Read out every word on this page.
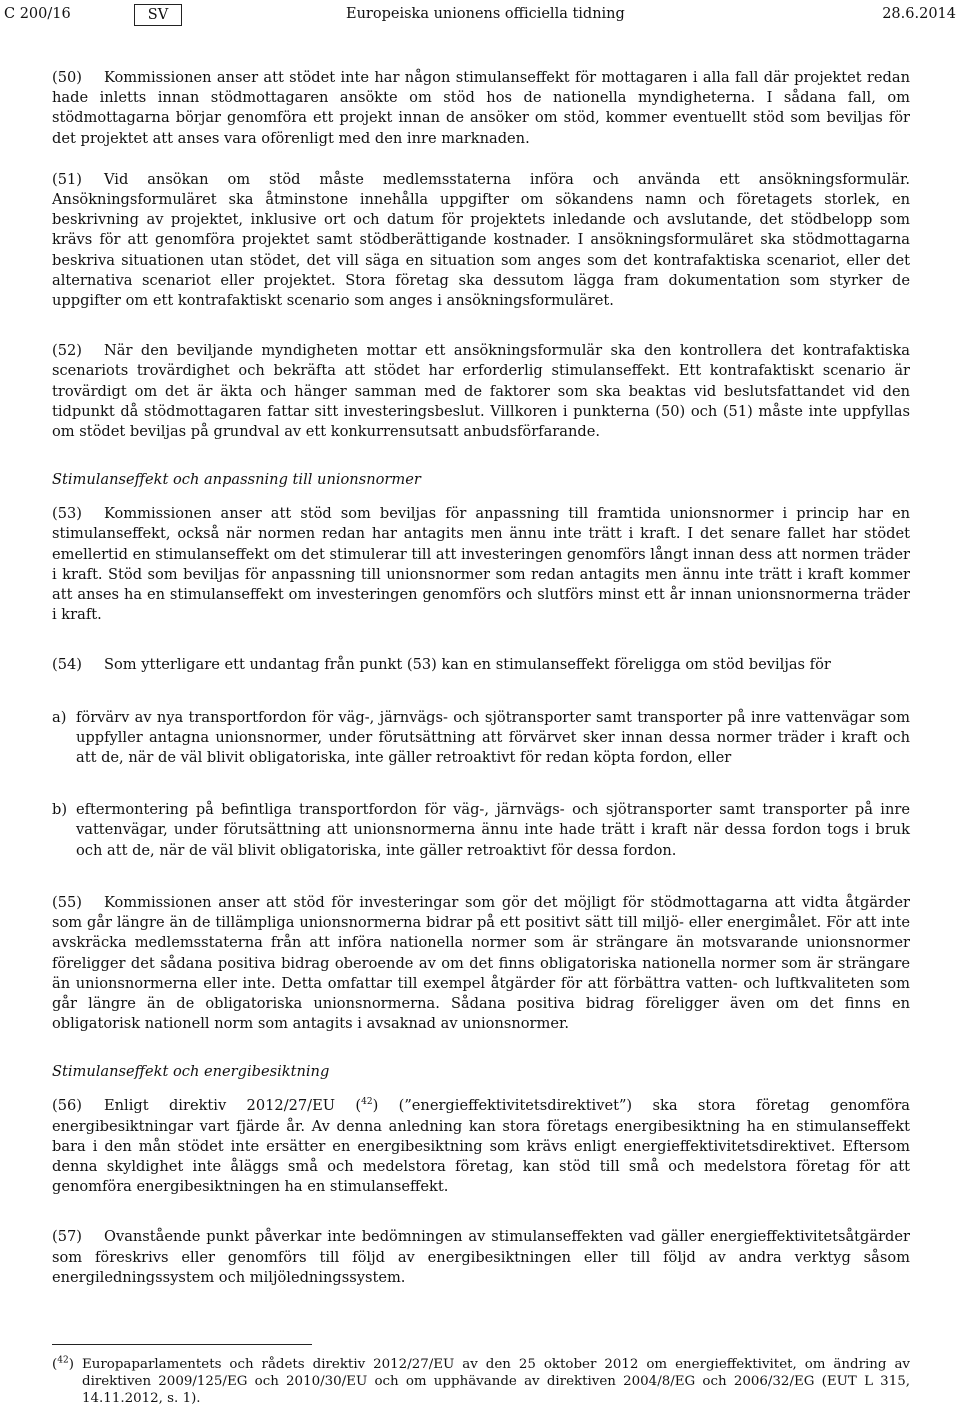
C 200/16	SV	Europeiska unionens officiella tidning	28.6.2014

(50) Kommissionen anser att stödet inte har någon stimulanseffekt för mottagaren i alla fall där projektet redan hade inletts innan stödmottagaren ansökte om stöd hos de nationella myndigheterna. I sådana fall, om stödmottagarna börjar genomföra ett projekt innan de ansöker om stöd, kommer eventuellt stöd som beviljas för det projektet att anses vara oförenligt med den inre marknaden.

(51) Vid ansökan om stöd måste medlemsstaterna införa och använda ett ansökningsformulär. Ansökningsformuläret ska åtminstone innehålla uppgifter om sökandens namn och företagets storlek, en beskrivning av projektet, inklusive ort och datum för projektets inledande och avslutande, det stödbelopp som krävs för att genomföra projektet samt stödberättigande kostnader. I ansökningsformuläret ska stödmottagarna beskriva situationen utan stödet, det vill säga en situation som anges som det kontrafaktiska scenariot, eller det alternativa scenariot eller projektet. Stora företag ska dessutom lägga fram dokumentation som styrker de uppgifter om ett kontrafaktiskt scenario som anges i ansökningsformuläret.

(52) När den beviljande myndigheten mottar ett ansökningsformulär ska den kontrollera det kontrafaktiska scenariots trovärdighet och bekräfta att stödet har erforderlig stimulanseffekt. Ett kontrafaktiskt scenario är trovärdigt om det är äkta och hänger samman med de faktorer som ska beaktas vid beslutsfattandet vid den tidpunkt då stödmottagaren fattar sitt investeringsbeslut. Villkoren i punkterna (50) och (51) måste inte uppfyllas om stödet beviljas på grundval av ett konkurrensutsatt anbudsförfarande.

Stimulanseffekt och anpassning till unionsnormer

(53) Kommissionen anser att stöd som beviljas för anpassning till framtida unionsnormer i princip har en stimulanseffekt, också när normen redan har antagits men ännu inte trätt i kraft. I det senare fallet har stödet emellertid en stimulanseffekt om det stimulerar till att investeringen genomförs långt innan dess att normen träder i kraft. Stöd som beviljas för anpassning till unionsnormer som redan antagits men ännu inte trätt i kraft kommer att anses ha en stimulanseffekt om investeringen genomförs och slutförs minst ett år innan unionsnormerna träder i kraft.

(54) Som ytterligare ett undantag från punkt (53) kan en stimulanseffekt föreligga om stöd beviljas för

a) förvärv av nya transportfordon för väg-, järnvägs- och sjötransporter samt transporter på inre vattenvägar som uppfyller antagna unionsnormer, under förutsättning att förvärvet sker innan dessa normer träder i kraft och att de, när de väl blivit obligatoriska, inte gäller retroaktivt för redan köpta fordon, eller

b) eftermontering på befintliga transportfordon för väg-, järnvägs- och sjötransporter samt transporter på inre vattenvägar, under förutsättning att unionsnormerna ännu inte hade trätt i kraft när dessa fordon togs i bruk och att de, när de väl blivit obligatoriska, inte gäller retroaktivt för dessa fordon.

(55) Kommissionen anser att stöd för investeringar som gör det möjligt för stödmottagarna att vidta åtgärder som går längre än de tillämpliga unionsnormerna bidrar på ett positivt sätt till miljö- eller energimålet. För att inte avskräcka medlemsstaterna från att införa nationella normer som är strängare än motsvarande unionsnormer föreligger det sådana positiva bidrag oberoende av om det finns obligatoriska nationella normer som är strängare än unionsnormerna eller inte. Detta omfattar till exempel åtgärder för att förbättra vatten- och luftkvaliteten som går längre än de obligatoriska unionsnormerna. Sådana positiva bidrag föreligger även om det finns en obligatorisk nationell norm som antagits i avsaknad av unionsnormer.

Stimulanseffekt och energibesiktning

(56) Enligt direktiv 2012/27/EU ($^{42}$) (”energieffektivitetsdirektivet”) ska stora företag genomföra energibesiktningar vart fjärde år. Av denna anledning kan stora företags energibesiktning ha en stimulanseffekt bara i den mån stödet inte ersätter en energibesiktning som krävs enligt energieffektivitetsdirektivet. Eftersom denna skyldighet inte åläggs små och medelstora företag, kan stöd till små och medelstora företag för att genomföra energibesiktningen ha en stimulanseffekt.

(57) Ovanstående punkt påverkar inte bedömningen av stimulanseffekten vad gäller energieffektivitetsåtgärder som föreskrivs eller genomförs till följd av energibesiktningen eller till följd av andra verktyg såsom energiledningssystem och miljöledningssystem.

($^{42}$) Europaparlamentets och rådets direktiv 2012/27/EU av den 25 oktober 2012 om energieffektivitet, om ändring av direktiven 2009/125/EG och 2010/30/EU och om upphävande av direktiven 2004/8/EG och 2006/32/EG (EUT L 315, 14.11.2012, s. 1).
